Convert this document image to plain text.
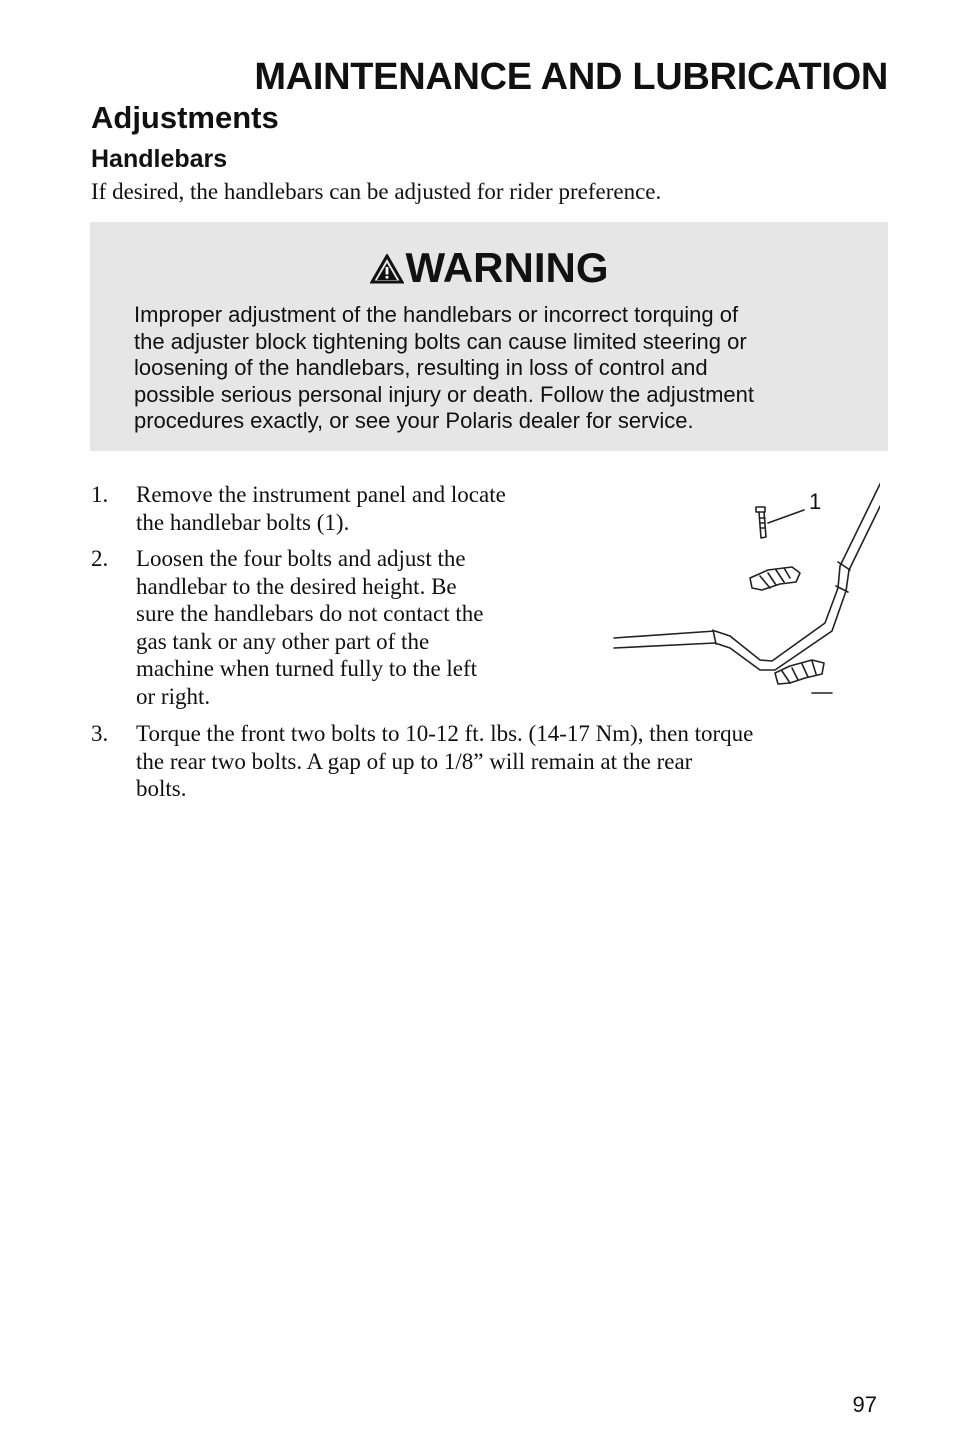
MAINTENANCE AND LUBRICATION
Adjustments
Handlebars

If desired, the handlebars can be adjusted for rider preference.

WARNING

Improper adjustment of the handlebars or incorrect torquing of
the adjuster block tightening bolts can cause limited steering or
loosening of the handlebars, resulting in loss of control and
possible serious personal injury or death. Follow the adjustment
procedures exactly, or see your Polaris dealer for service.

1. Remove the instrument panel and locate
the handlebar bolts (1).
2. Loosen the four bolts and adjust the
handlebar to the desired height. Be
sure the handlebars do not contact the
gas tank or any other part of the
machine when turned fully to the left
or right.
3. Torque the front two bolts to 10-12 ft. lbs. (14-17 Nm), then torque
the rear two bolts. A gap of up to 1/8” will remain at the rear
bolts.
1

97
